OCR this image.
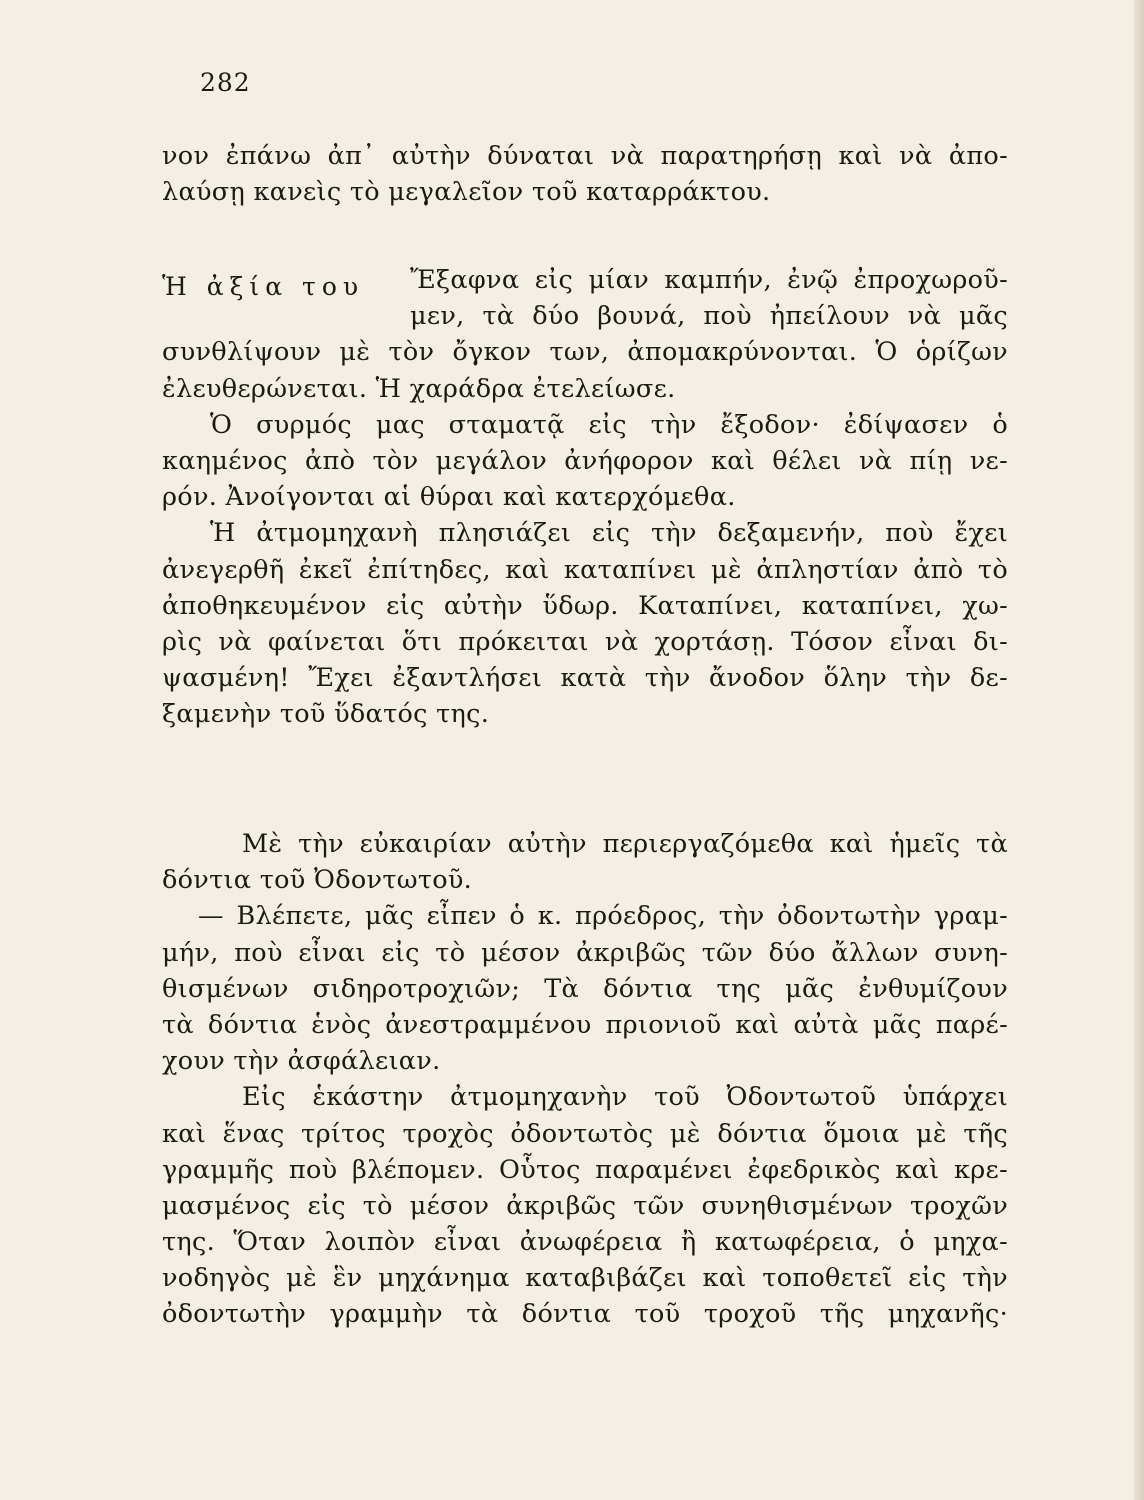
282
νον ἐπάνω ἀπ᾿ αὐτὴν δύναται νὰ παρατηρήσῃ καὶ νὰ ἀπο-
λαύσῃ κανεὶς τὸ μεγαλεῖον τοῦ καταρράκτου.
Ἡ ἀξία του	Ἔξαφνα εἰς μίαν καμπήν, ἐνῷ ἐπροχωροῦ-
μεν, τὰ δύο βουνά, ποὺ ἠπείλουν νὰ μᾶς
συνθλίψουν μὲ τὸν ὄγκον των, ἀπομακρύνονται. Ὁ ὁρίζων
ἐλευθερώνεται. Ἡ χαράδρα ἐτελείωσε.
Ὁ συρμός μας σταματᾷ εἰς τὴν ἔξοδον· ἐδίψασεν ὁ
καημένος ἀπὸ τὸν μεγάλον ἀνήφορον καὶ θέλει νὰ πίῃ νε-
ρόν. Ἀνοίγονται αἱ θύραι καὶ κατερχόμεθα.
Ἡ ἀτμομηχανὴ πλησιάζει εἰς τὴν δεξαμενήν, ποὺ ἔχει
ἀνεγερθῆ ἐκεῖ ἐπίτηδες, καὶ καταπίνει μὲ ἀπληστίαν ἀπὸ τὸ
ἀποθηκευμένον εἰς αὐτὴν ὕδωρ. Καταπίνει, καταπίνει, χω-
ρὶς νὰ φαίνεται ὅτι πρόκειται νὰ χορτάσῃ. Τόσον εἶναι δι-
ψασμένη! Ἔχει ἐξαντλήσει κατὰ τὴν ἄνοδον ὅλην τὴν δε-
ξαμενὴν τοῦ ὕδατός της.
Μὲ τὴν εὐκαιρίαν αὐτὴν περιεργαζόμεθα καὶ ἡμεῖς τὰ
δόντια τοῦ Ὀδοντωτοῦ.
— Βλέπετε, μᾶς εἶπεν ὁ κ. πρόεδρος, τὴν ὀδοντωτὴν γραμ-
μήν, ποὺ εἶναι εἰς τὸ μέσον ἀκριβῶς τῶν δύο ἄλλων συνη-
θισμένων σιδηροτροχιῶν; Τὰ δόντια της μᾶς ἐνθυμίζουν
τὰ δόντια ἑνὸς ἀνεστραμμένου πριονιοῦ καὶ αὐτὰ μᾶς παρέ-
χουν τὴν ἀσφάλειαν.
Εἰς ἑκάστην ἀτμομηχανὴν τοῦ Ὀδοντωτοῦ ὑπάρχει
καὶ ἕνας τρίτος τροχὸς ὀδοντωτὸς μὲ δόντια ὅμοια μὲ τῆς
γραμμῆς ποὺ βλέπομεν. Οὗτος παραμένει ἐφεδρικὸς καὶ κρε-
μασμένος εἰς τὸ μέσον ἀκριβῶς τῶν συνηθισμένων τροχῶν
της. Ὅταν λοιπὸν εἶναι ἀνωφέρεια ἢ κατωφέρεια, ὁ μηχα-
νοδηγὸς μὲ ἓν μηχάνημα καταβιβάζει καὶ τοποθετεῖ εἰς τὴν
ὀδοντωτὴν γραμμὴν τὰ δόντια τοῦ τροχοῦ τῆς μηχανῆς·
